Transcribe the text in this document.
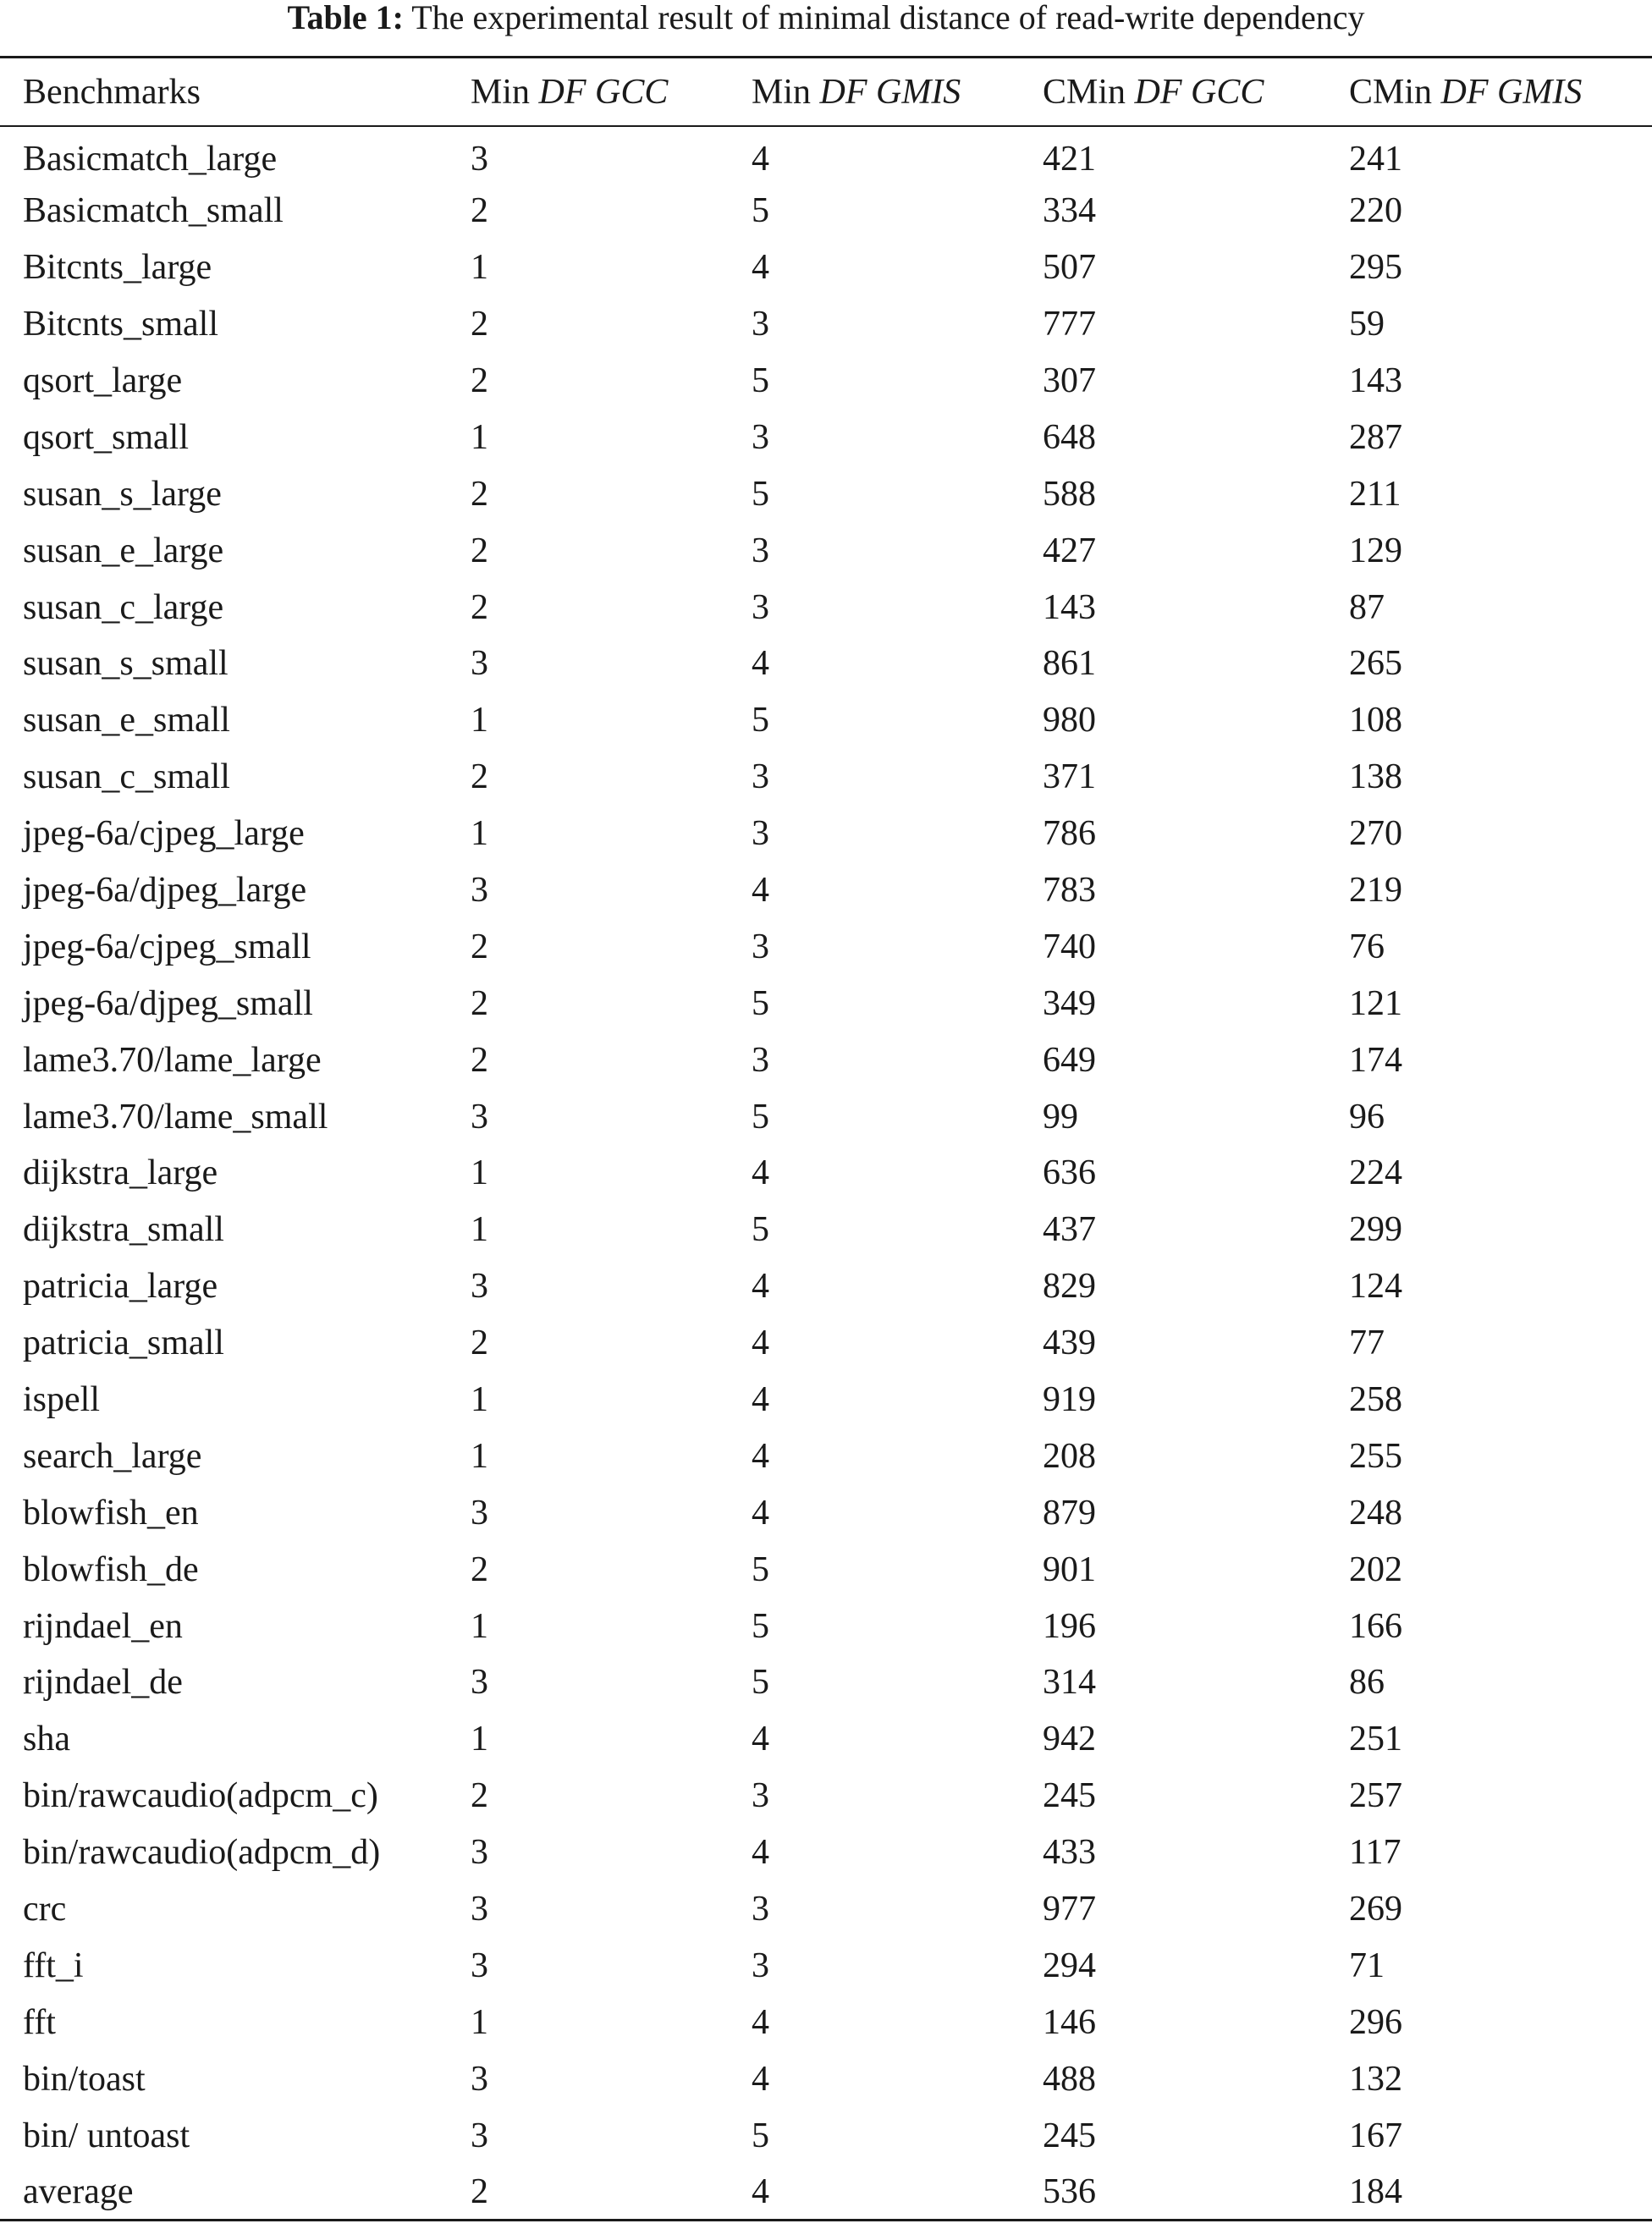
Table 1: The experimental result of minimal distance of read-write dependency
Benchmarks	Min DF GCC	Min DF GMIS	CMin DF GCC	CMin DF GMIS
Basicmatch_large	3	4	421	241
Basicmatch_small	2	5	334	220
Bitcnts_large	1	4	507	295
Bitcnts_small	2	3	777	59
qsort_large	2	5	307	143
qsort_small	1	3	648	287
susan_s_large	2	5	588	211
susan_e_large	2	3	427	129
susan_c_large	2	3	143	87
susan_s_small	3	4	861	265
susan_e_small	1	5	980	108
susan_c_small	2	3	371	138
jpeg-6a/cjpeg_large	1	3	786	270
jpeg-6a/djpeg_large	3	4	783	219
jpeg-6a/cjpeg_small	2	3	740	76
jpeg-6a/djpeg_small	2	5	349	121
lame3.70/lame_large	2	3	649	174
lame3.70/lame_small	3	5	99	96
dijkstra_large	1	4	636	224
dijkstra_small	1	5	437	299
patricia_large	3	4	829	124
patricia_small	2	4	439	77
ispell	1	4	919	258
search_large	1	4	208	255
blowfish_en	3	4	879	248
blowfish_de	2	5	901	202
rijndael_en	1	5	196	166
rijndael_de	3	5	314	86
sha	1	4	942	251
bin/rawcaudio(adpcm_c)	2	3	245	257
bin/rawcaudio(adpcm_d)	3	4	433	117
crc	3	3	977	269
fft_i	3	3	294	71
fft	1	4	146	296
bin/toast	3	4	488	132
bin/ untoast	3	5	245	167
average	2	4	536	184
